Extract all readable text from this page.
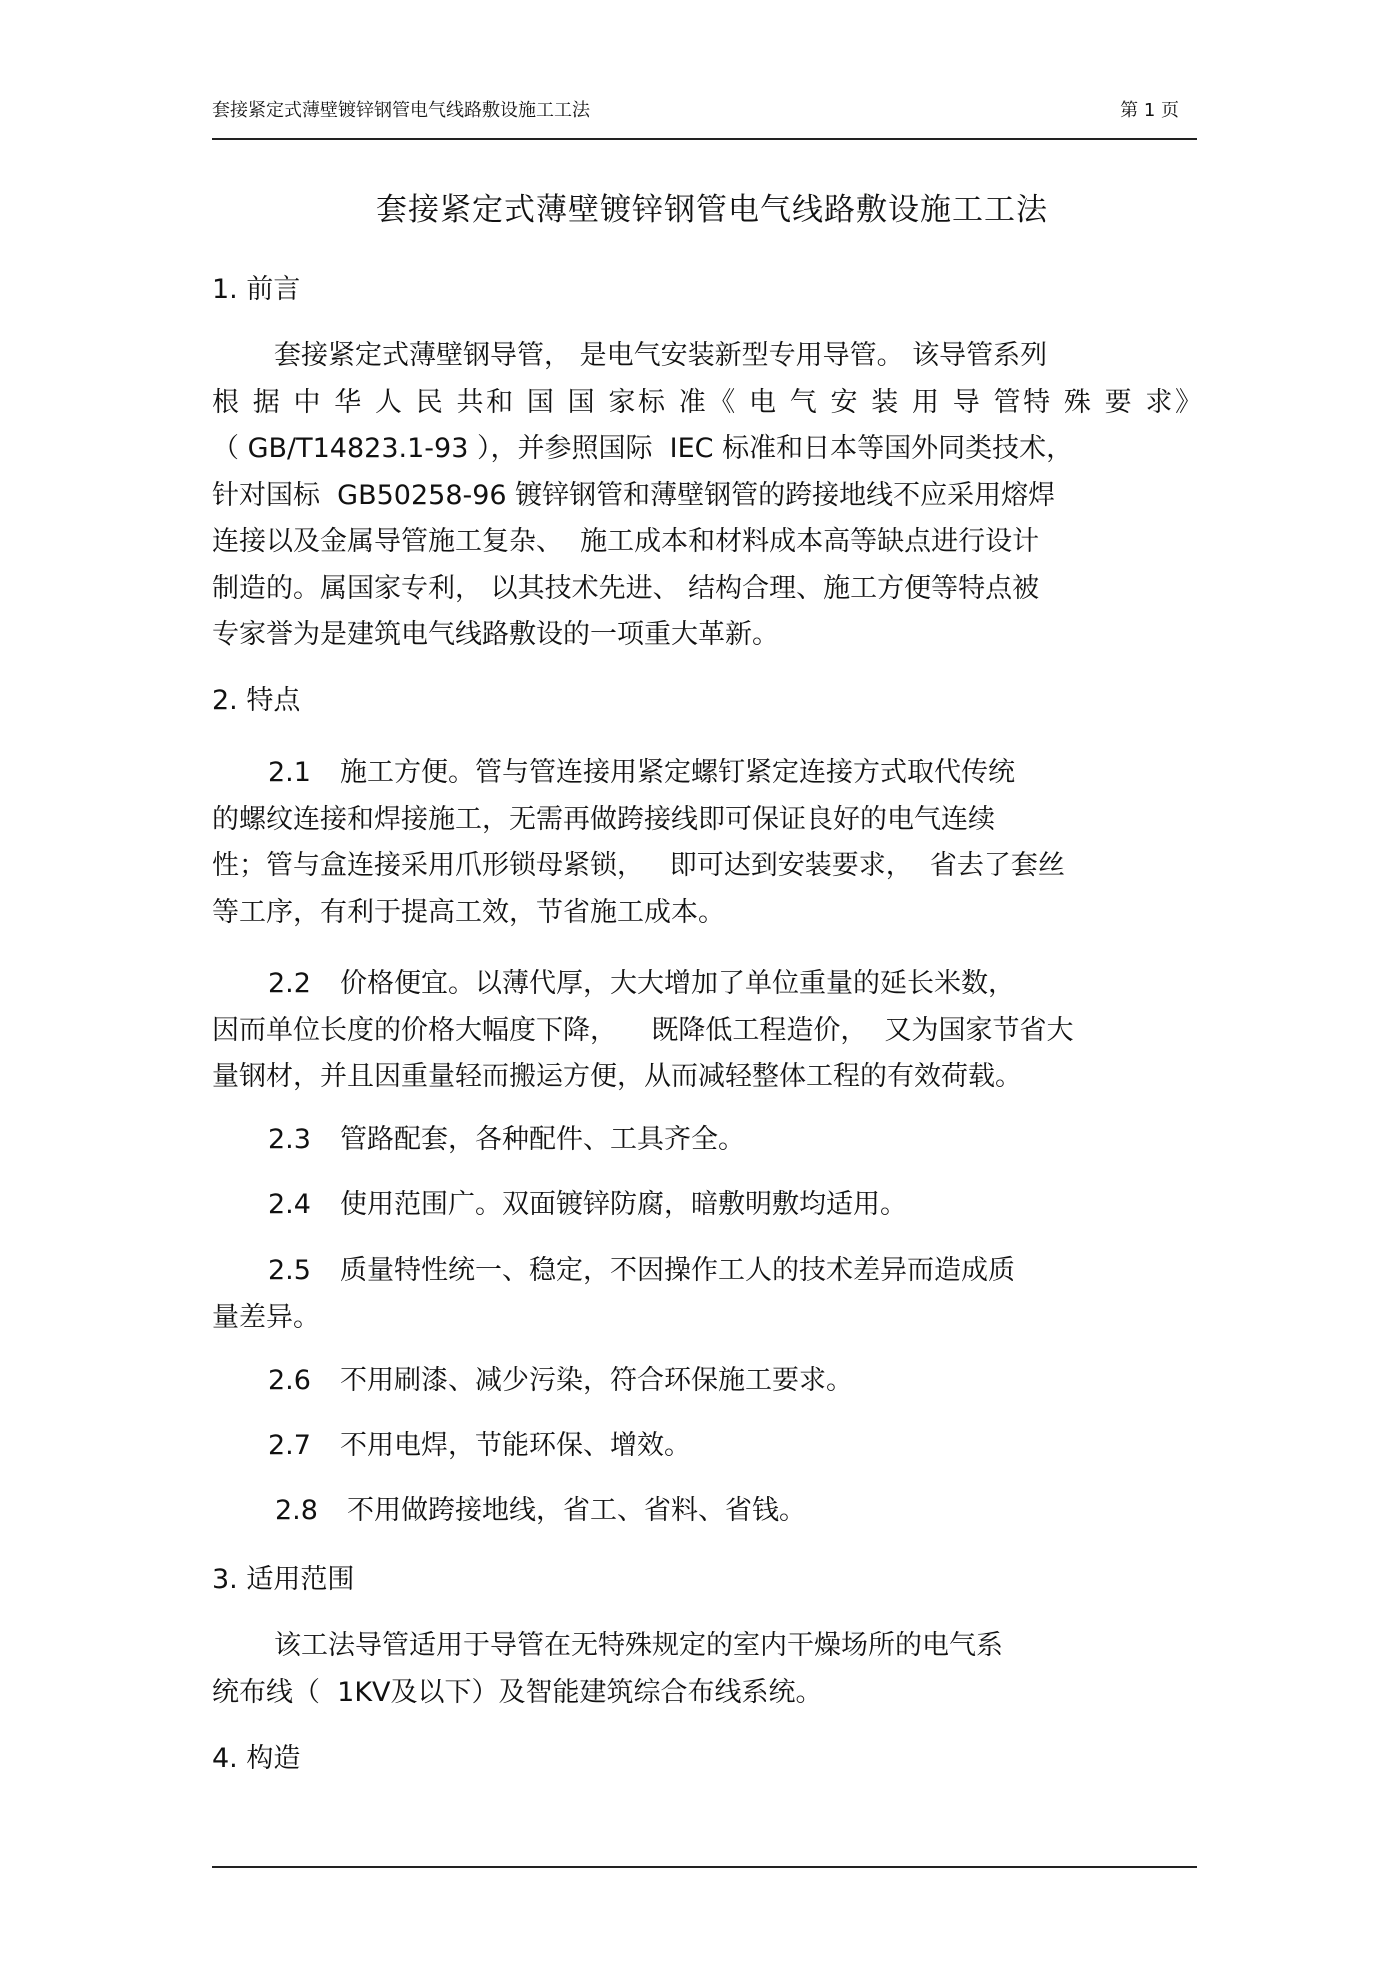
套接紧定式薄壁镀锌钢管电气线路敷设施工工法	第 1 页
套接紧定式薄壁镀锌钢管电气线路敷设施工工法
1. 前言
套接紧定式薄壁钢导管， 是电气安装新型专用导管。 该导管系列
根 据 中 华 人 民 共和 国 国 家标 准《 电 气 安 装 用 导 管特 殊 要 求》
（ GB/T14823.1-93 ），并参照国际  IEC 标准和日本等国外同类技术，
针对国标  GB50258-96 镀锌钢管和薄壁钢管的跨接地线不应采用熔焊
连接以及金属导管施工复杂、  施工成本和材料成本高等缺点进行设计
制造的。属国家专利， 以其技术先进、 结构合理、施工方便等特点被
专家誉为是建筑电气线路敷设的一项重大革新。
2. 特点
2.1 施工方便。管与管连接用紧定螺钉紧定连接方式取代传统
的螺纹连接和焊接施工，无需再做跨接线即可保证良好的电气连续
性；管与盒连接采用爪形锁母紧锁，   即可达到安装要求，  省去了套丝
等工序，有利于提高工效，节省施工成本。
2.2 价格便宜。以薄代厚，大大增加了单位重量的延长米数，
因而单位长度的价格大幅度下降，    既降低工程造价，  又为国家节省大
量钢材，并且因重量轻而搬运方便，从而减轻整体工程的有效荷载。
2.3 管路配套，各种配件、工具齐全。
2.4 使用范围广。双面镀锌防腐，暗敷明敷均适用。
2.5 质量特性统一、稳定，不因操作工人的技术差异而造成质
量差异。
2.6 不用刷漆、减少污染，符合环保施工要求。
2.7 不用电焊，节能环保、增效。
2.8 不用做跨接地线，省工、省料、省钱。
3. 适用范围
该工法导管适用于导管在无特殊规定的室内干燥场所的电气系
统布线（  1KV及以下）及智能建筑综合布线系统。
4. 构造
